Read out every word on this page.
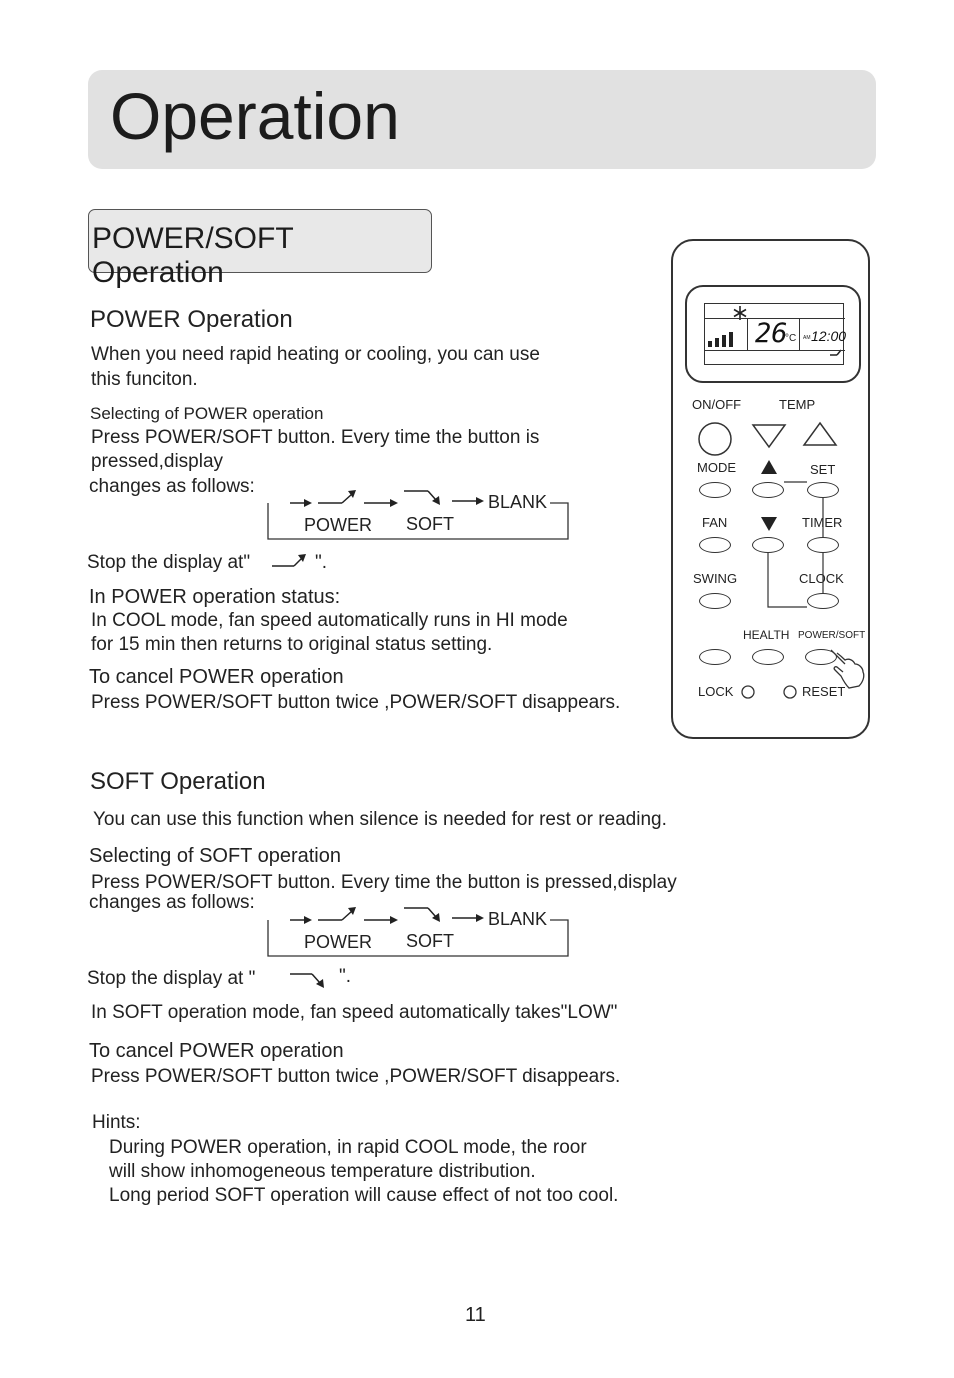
Operation
POWER/SOFT Operation
POWER Operation
When you need rapid heating or cooling, you can use
this funciton.
Selecting of POWER operation
Press POWER/SOFT button. Every time the button is
pressed,display
changes as follows:
POWER SOFT
BLANK
Stop the display at"	".
In POWER operation status:
In COOL mode, fan speed automatically runs in HI mode
for 15 min then returns to original status setting.
To cancel POWER operation
Press POWER/SOFT button twice ,POWER/SOFT disappears.
26
°C AM 12:00
ON/OFF	TEMP
MODE	SET
FAN	TIMER
SWING	CLOCK
HEALTH POWER/SOFT
LOCK	RESET
SOFT Operation
You can use this function when silence is needed for rest or reading.
Selecting of SOFT operation
Press POWER/SOFT button. Every time the button is pressed,display
changes as follows:
POWER SOFT
BLANK
Stop the display at "	".
In SOFT operation mode, fan speed automatically takes"LOW"
To cancel POWER operation
Press POWER/SOFT button twice ,POWER/SOFT disappears.
Hints:
During POWER operation, in rapid COOL mode, the roor
will show inhomogeneous temperature distribution.
Long period SOFT operation will cause effect of not too cool.
11
